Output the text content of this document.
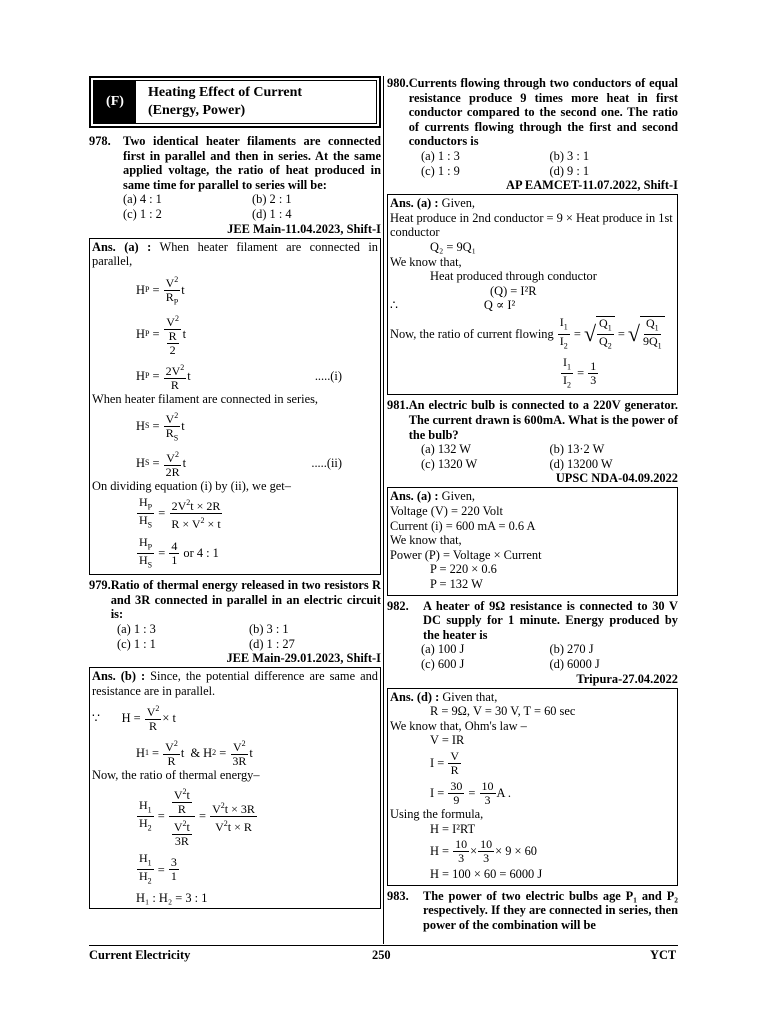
(F)
Heating Effect of Current
(Energy, Power)
978. Two identical heater filaments are connected first in parallel and then in series. At the same applied voltage, the ratio of heat produced in same time for parallel to series will be:
(a) 4 : 1	(b) 2 : 1
(c) 1 : 2	(d) 1 : 4
JEE Main-11.04.2023, Shift-I
Ans. (a) : When heater filament are connected in parallel,
H $P = \frac{V^2}{R_P}$ t
H $P = \frac{V^2}{\frac{R}{2}}$ t
H $P = \frac{2V^2}{R}$ t	.....(i)
When heater filament are connected in series,
H $S = \frac{V^2}{R_S}$ t
H $S = \frac{V^2}{2R}$ t	.....(ii)
On dividing equation (i) by (ii), we get–
$\frac{H_P}{H_S} = \frac{2V^2t \times 2R}{R \times V^2 \times t}$
$\frac{H_P}{H_S} = \frac{4}{1}$
or 4 : 1
979. Ratio of thermal energy released in two resistors R and 3R connected in parallel in an electric circuit is:
(a) 1 : 3	(b) 3 : 1
(c) 1 : 1	(d) 1 : 27
JEE Main-29.01.2023, Shift-I
Ans. (b) : Since, the potential difference are same and resistance are in parallel.
∵       $H = \frac{V^2}{R} \times t$
H $1 = \frac{V^2}{R}$ t  & H $2 = \frac{V^2}{3R}$ t
Now, the ratio of thermal energy–
$\frac{H_1}{H_2} = \frac{\frac{V^2t}{R}}{\frac{V^2t}{3R}} = \frac{V^2t \times 3R}{V^2t \times R}$
$\frac{H_1}{H_2} = \frac{3}{1}$
H₁ : H₂ = 3 : 1
980. Currents flowing through two conductors of equal resistance produce 9 times more heat in first conductor compared to the second one. The ratio of currents flowing through the first and second conductors is
(a) 1 : 3	(b) 3 : 1
(c) 1 : 9	(d) 9 : 1
AP EAMCET-11.07.2022, Shift-I
Ans. (a) : Given,
Heat produce in 2nd conductor = 9 × Heat produce in 1st conductor
Q₂ = 9Q₁
We know that,
Heat produced through conductor
(Q) = I²R
∴	Q ∝ I²
Now, the ratio of current flowing
$\frac{I_1}{I_2}$ = √ $\frac{Q_1}{Q_2}$ = √ $\frac{Q_1}{9Q_1}$
$\frac{I_1}{I_2} = \frac{1}{3}$
981. An electric bulb is connected to a 220V generator. The current drawn is 600mA. What is the power of the bulb?
(a) 132 W	(b) 13·2 W
(c) 1320 W	(d) 13200 W
UPSC NDA-04.09.2022
Ans. (a) : Given,
Voltage (V) = 220 Volt
Current (i) = 600 mA = 0.6 A
We know that,
Power (P) = Voltage × Current
P = 220 × 0.6
P = 132 W
982.	A heater of 9Ω resistance is connected to 30 V DC supply for 1 minute. Energy produced by the heater is
(a) 100 J	(b) 270 J
(c) 600 J	(d) 6000 J
Tripura-27.04.2022
Ans. (d) : Given that,
R = 9Ω, V = 30 V, T = 60 sec
We know that, Ohm's law –
V = IR
$I = \frac{V}{R}$
$I = \frac{30}{9} = \frac{10}{3}$ A .
Using the formula,
H = I²RT
$H = \frac{10}{3} \times \frac{10}{3} \times 9 \times 60$
H = 100 × 60 = 6000 J
983.	The power of two electric bulbs age P₁ and P₂ respectively. If they are connected in series, then power of the combination will be
Current Electricity	250	YCT
